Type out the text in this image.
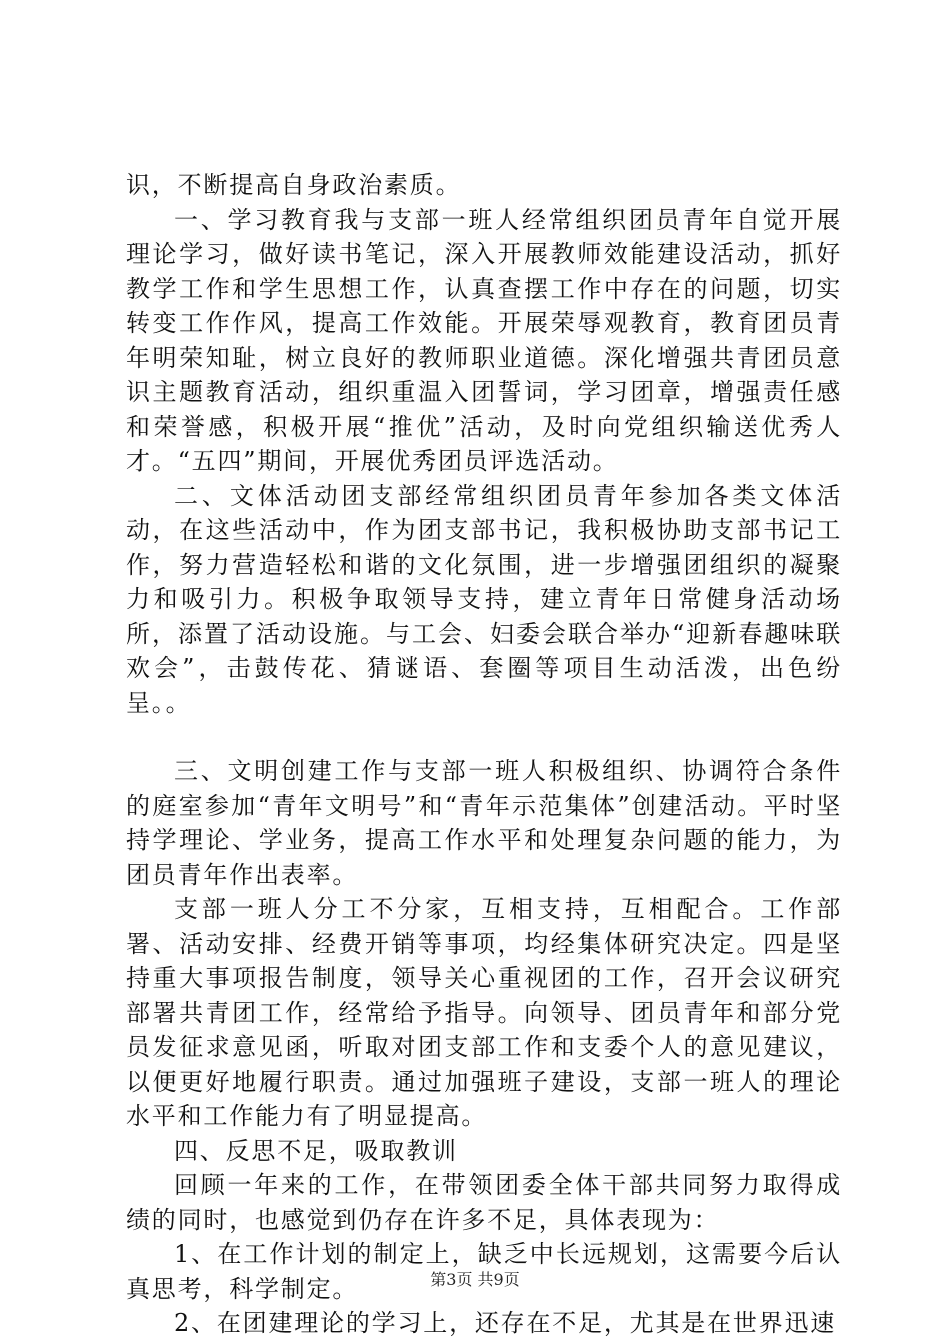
识，不断提高自身政治素质。

一、学习教育我与支部一班人经常组织团员青年自觉开展理论学习，做好读书笔记，深入开展教师效能建设活动，抓好教学工作和学生思想工作，认真查摆工作中存在的问题，切实转变工作作风，提高工作效能。开展荣辱观教育，教育团员青年明荣知耻，树立良好的教师职业道德。深化增强共青团员意识主题教育活动，组织重温入团誓词，学习团章，增强责任感和荣誉感，积极开展“推优”活动，及时向党组织输送优秀人才。“五四”期间，开展优秀团员评选活动。

二、文体活动团支部经常组织团员青年参加各类文体活动，在这些活动中，作为团支部书记，我积极协助支部书记工作，努力营造轻松和谐的文化氛围，进一步增强团组织的凝聚力和吸引力。积极争取领导支持，建立青年日常健身活动场所，添置了活动设施。与工会、妇委会联合举办“迎新春趣味联欢会”，击鼓传花、猜谜语、套圈等项目生动活泼，出色纷呈。。

三、文明创建工作与支部一班人积极组织、协调符合条件的庭室参加“青年文明号”和“青年示范集体”创建活动。平时坚持学理论、学业务，提高工作水平和处理复杂问题的能力，为团员青年作出表率。

支部一班人分工不分家，互相支持，互相配合。工作部署、活动安排、经费开销等事项，均经集体研究决定。四是坚持重大事项报告制度，领导关心重视团的工作，召开会议研究部署共青团工作，经常给予指导。向领导、团员青年和部分党员发征求意见函，听取对团支部工作和支委个人的意见建议，以便更好地履行职责。通过加强班子建设，支部一班人的理论水平和工作能力有了明显提高。

四、反思不足，吸取教训

回顾一年来的工作，在带领团委全体干部共同努力取得成绩的同时，也感觉到仍存在许多不足，具体表现为：

1、在工作计划的制定上，缺乏中长远规划，这需要今后认真思考，科学制定。

2、在团建理论的学习上，还存在不足，尤其是在世界迅速

第3页 共9页
